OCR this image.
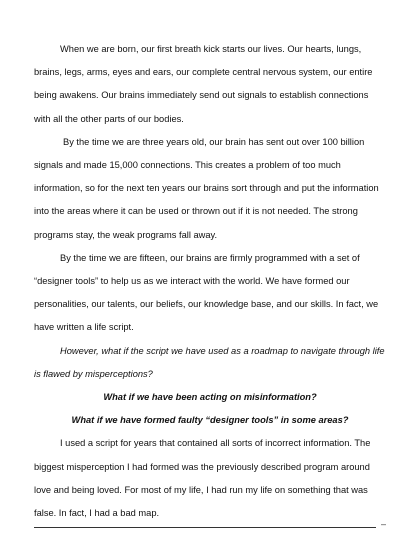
When we are born, our first breath kick starts our lives. Our hearts, lungs, brains, legs, arms, eyes and ears, our complete central nervous system, our entire being awakens. Our brains immediately send out signals to establish connections with all the other parts of our bodies.

By the time we are three years old, our brain has sent out over 100 billion signals and made 15,000 connections. This creates a problem of too much information, so for the next ten years our brains sort through and put the information into the areas where it can be used or thrown out if it is not needed. The strong programs stay, the weak programs fall away.

By the time we are fifteen, our brains are firmly programmed with a set of “designer tools” to help us as we interact with the world. We have formed our personalities, our talents, our beliefs, our knowledge base, and our skills. In fact, we have written a life script.

However, what if the script we have used as a roadmap to navigate through life is flawed by misperceptions?

What if we have been acting on misinformation?

What if we have formed faulty “designer tools” in some areas?

I used a script for years that contained all sorts of incorrect information. The biggest misperception I had formed was the previously described program around love and being loved. For most of my life, I had run my life on something that was false. In fact, I had a bad map.

–
